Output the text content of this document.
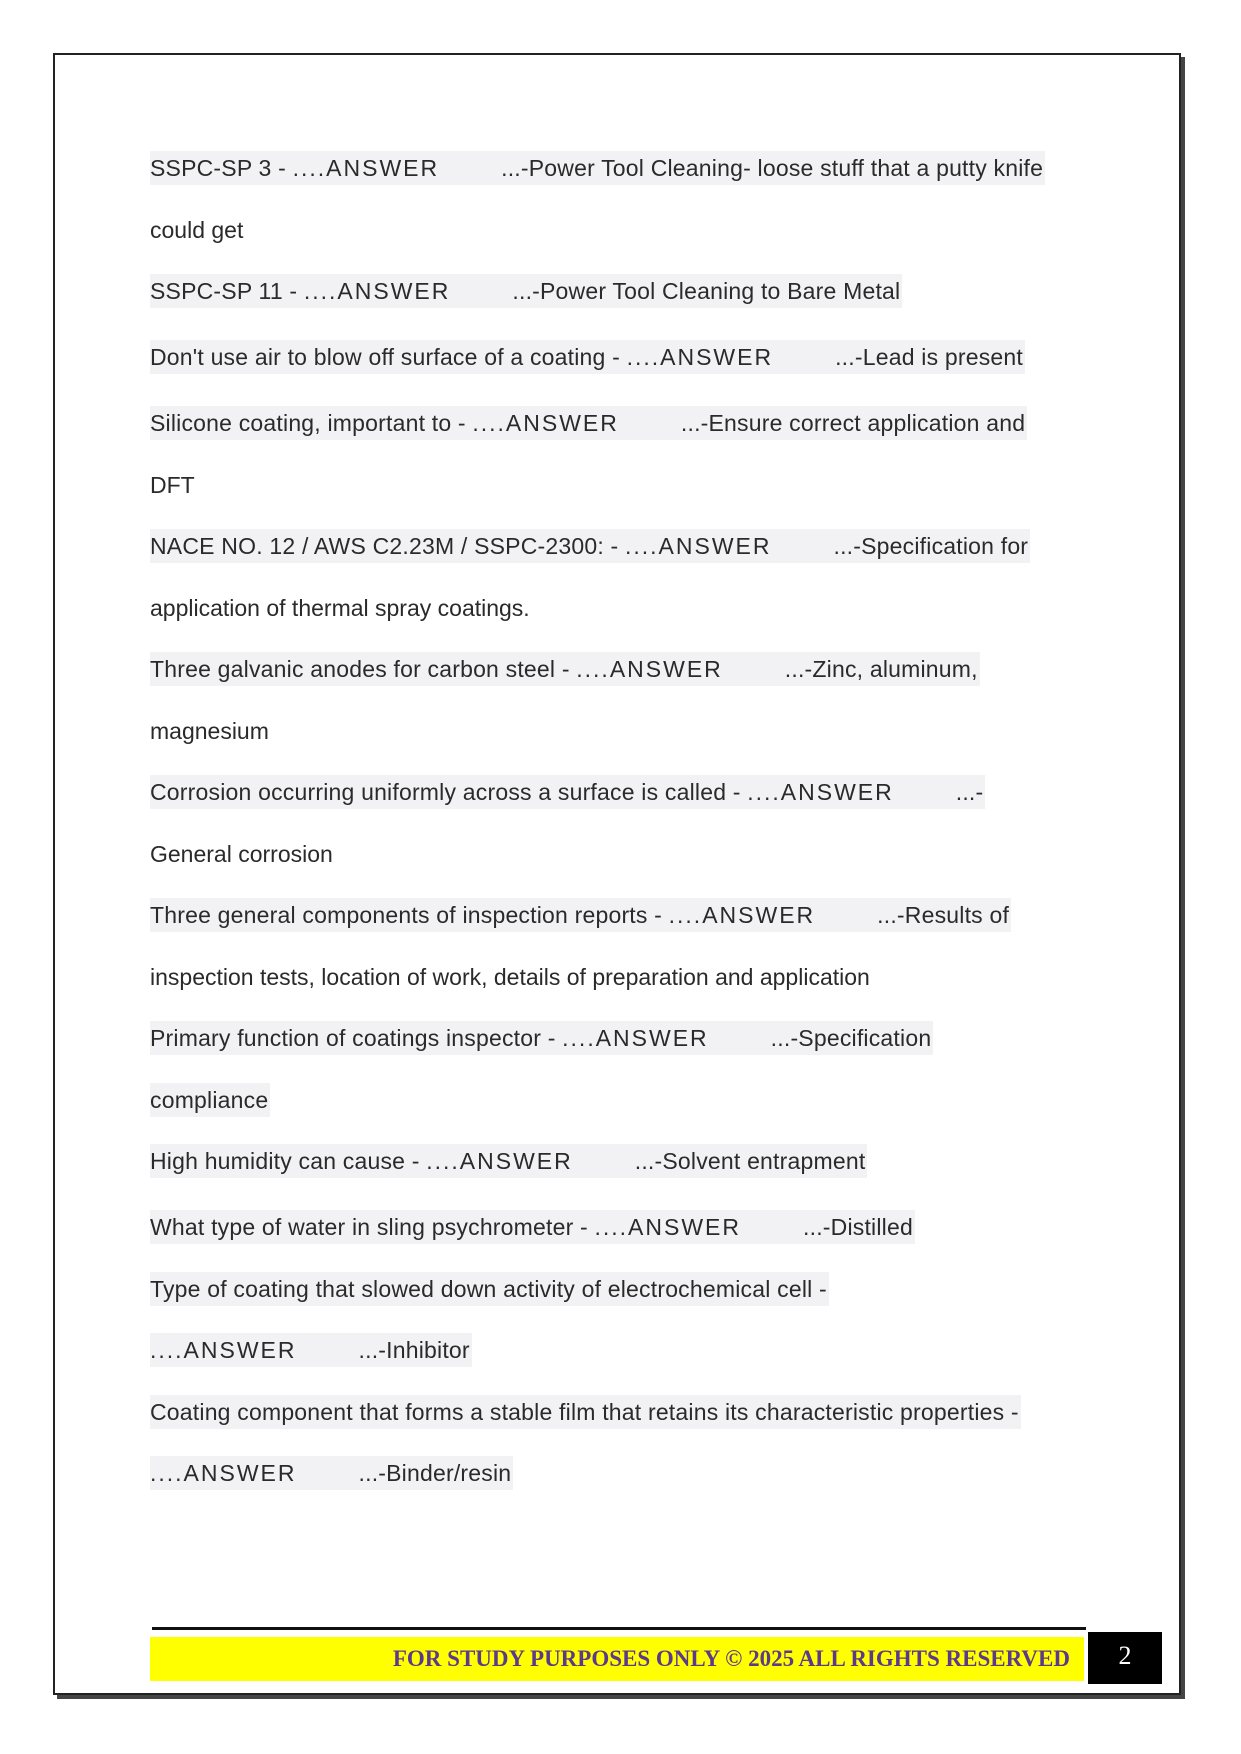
SSPC-SP 3 - ....ANSWER	...-Power Tool Cleaning- loose stuff that a putty knife
could get
SSPC-SP 11 - ....ANSWER	...-Power Tool Cleaning to Bare Metal
Don't use air to blow off surface of a coating - ....ANSWER	...-Lead is present
Silicone coating, important to - ....ANSWER	...-Ensure correct application and
DFT
NACE NO. 12 / AWS C2.23M / SSPC-2300: - ....ANSWER	...-Specification for
application of thermal spray coatings.
Three galvanic anodes for carbon steel - ....ANSWER	...-Zinc, aluminum,
magnesium
Corrosion occurring uniformly across a surface is called - ....ANSWER	...-
General corrosion
Three general components of inspection reports - ....ANSWER	...-Results of
inspection tests, location of work, details of preparation and application
Primary function of coatings inspector - ....ANSWER	...-Specification
compliance
High humidity can cause - ....ANSWER	...-Solvent entrapment
What type of water in sling psychrometer - ....ANSWER	...-Distilled
Type of coating that slowed down activity of electrochemical cell -
....ANSWER	...-Inhibitor
Coating component that forms a stable film that retains its characteristic properties -
....ANSWER	...-Binder/resin
FOR STUDY PURPOSES ONLY © 2025 ALL RIGHTS RESERVED	2
